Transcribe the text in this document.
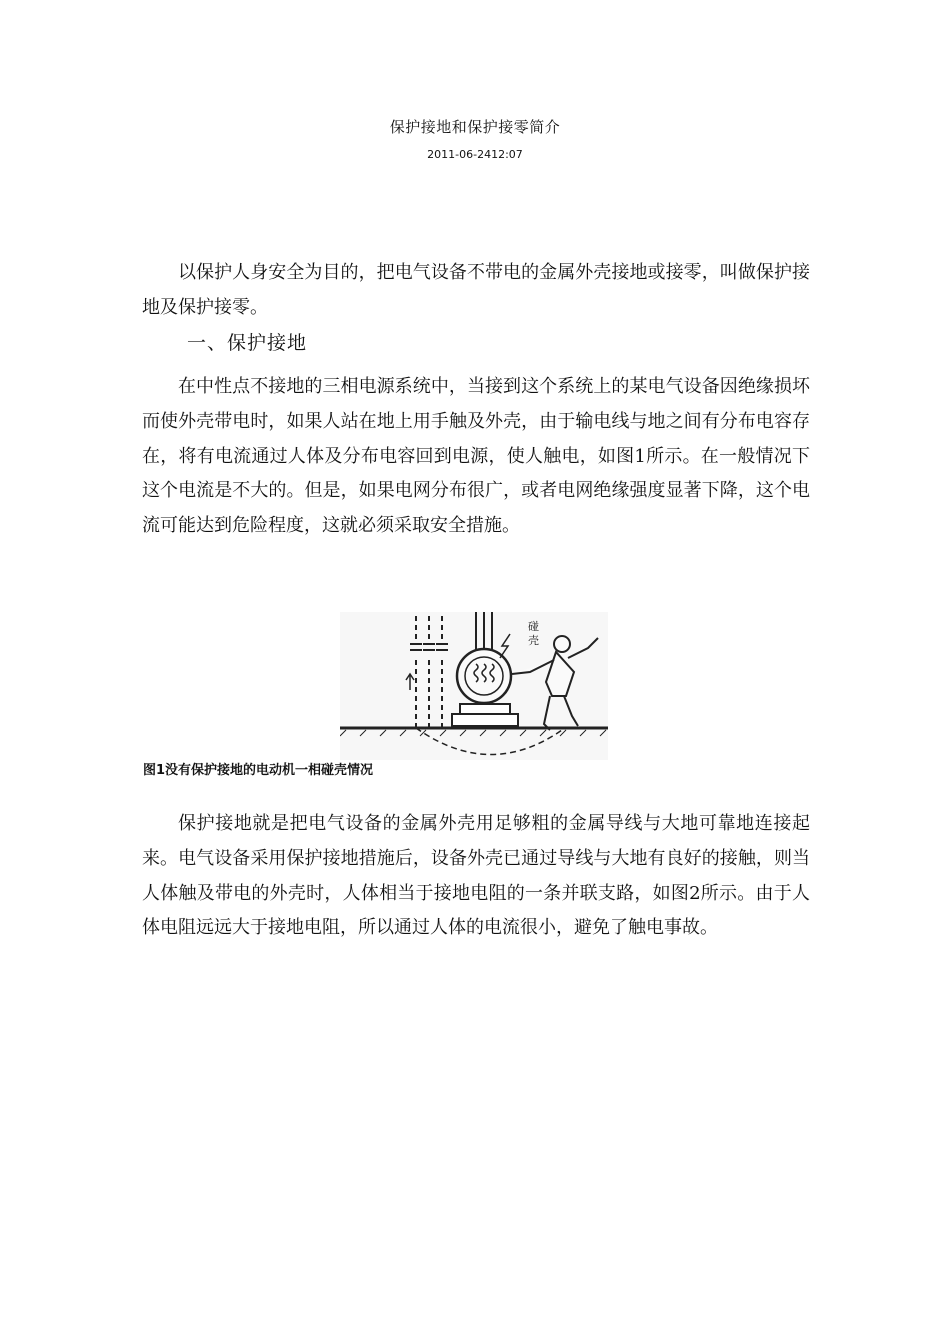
保护接地和保护接零简介
2011-06-2412:07

以保护人身安全为目的，把电气设备不带电的金属外壳接地或接零，叫做保护接地及保护接零。

一、保护接地

在中性点不接地的三相电源系统中，当接到这个系统上的某电气设备因绝缘损坏而使外壳带电时，如果人站在地上用手触及外壳，由于输电线与地之间有分布电容存在，将有电流通过人体及分布电容回到电源，使人触电，如图1所示。在一般情况下这个电流是不大的。但是，如果电网分布很广，或者电网绝缘强度显著下降，这个电流可能达到危险程度，这就必须采取安全措施。

碰
壳
图1没有保护接地的电动机一相碰壳情况

保护接地就是把电气设备的金属外壳用足够粗的金属导线与大地可靠地连接起来。电气设备采用保护接地措施后，设备外壳已通过导线与大地有良好的接触，则当人体触及带电的外壳时，人体相当于接地电阻的一条并联支路，如图2所示。由于人体电阻远远大于接地电阻，所以通过人体的电流很小，避免了触电事故。
